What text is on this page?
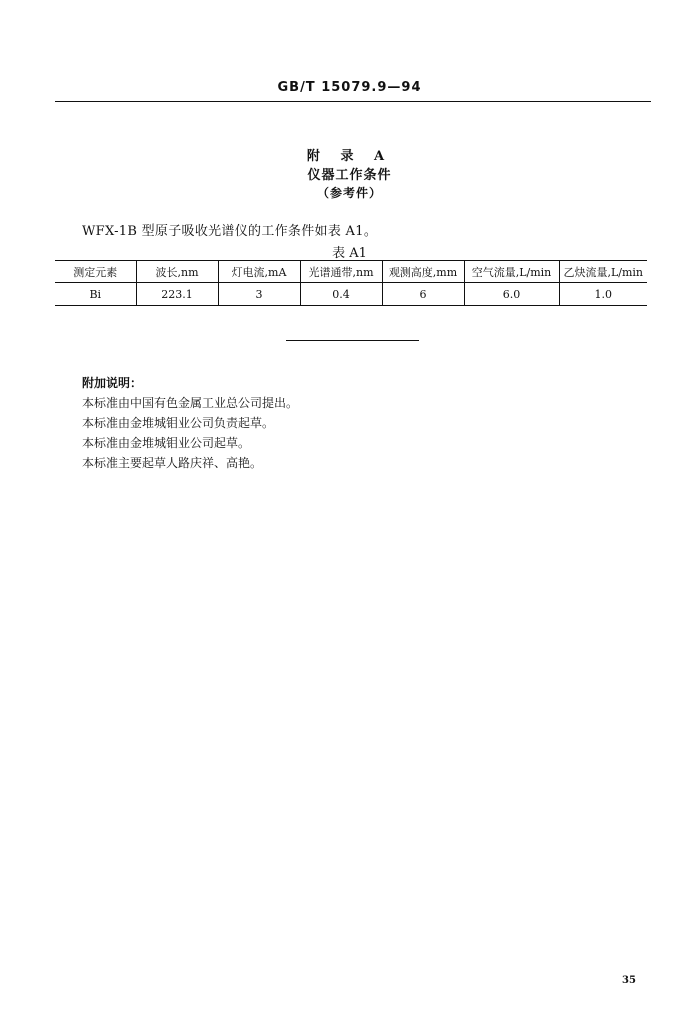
GB/T 15079.9—94
附 录 A
仪器工作条件
（参考件）
WFX-1B 型原子吸收光谱仪的工作条件如表 A1。
表 A1
测定元素	波长,nm	灯电流,mA	光谱通带,nm	观测高度,mm	空气流量,L/min	乙炔流量,L/min
Bi	223.1	3	0.4	6	6.0	1.0
附加说明：
本标准由中国有色金属工业总公司提出。
本标准由金堆城钼业公司负责起草。
本标准由金堆城钼业公司起草。
本标准主要起草人路庆祥、高艳。
35
